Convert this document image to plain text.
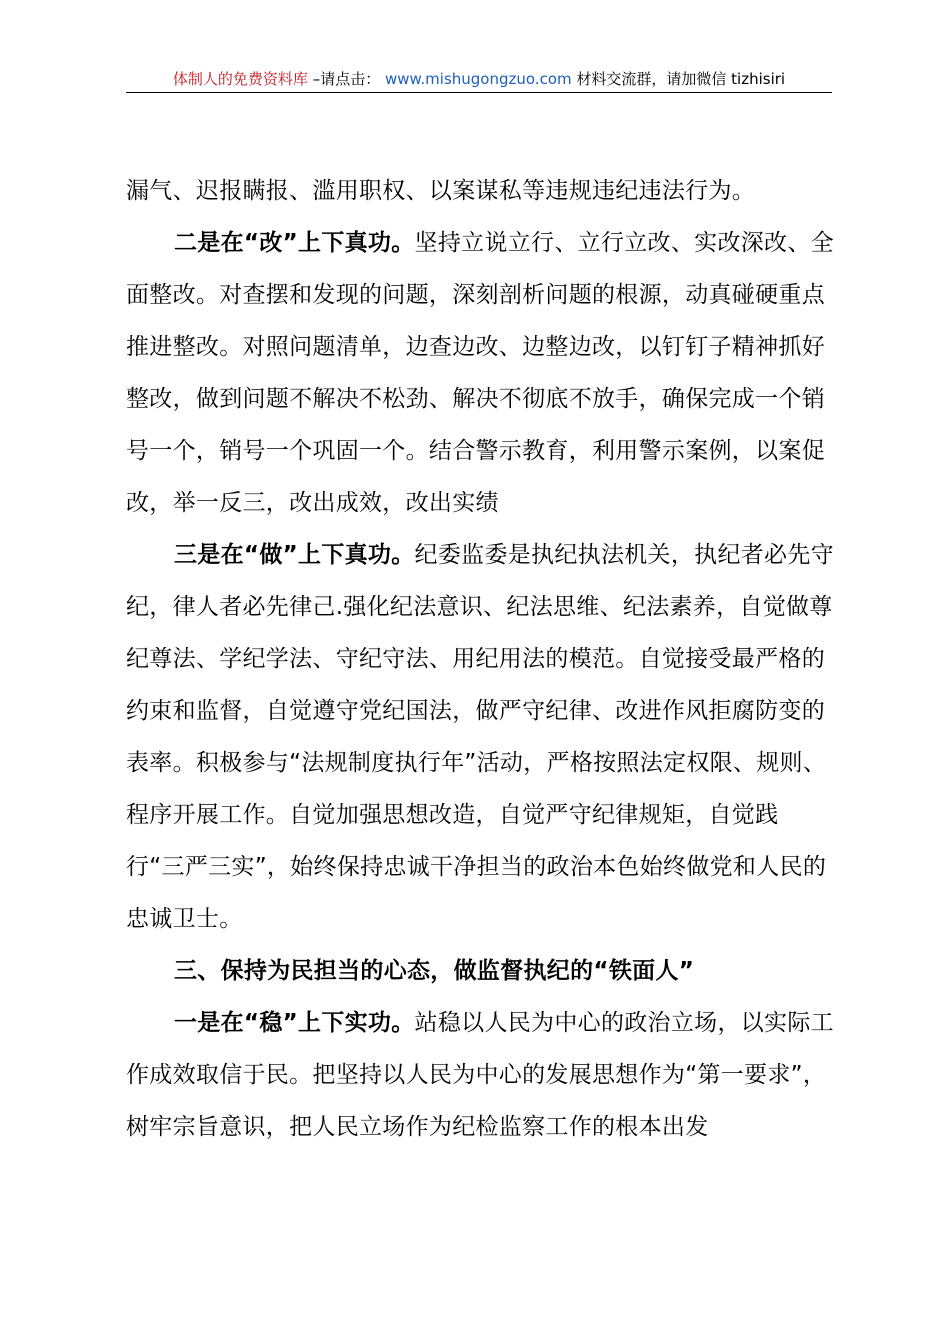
体制人的免费资料库 –请点击： www.mishugongzuo.com 材料交流群，请加微信 tizhisiri

漏气、迟报瞒报、滥用职权、以案谋私等违规违纪违法行为。

二是在“改”上下真功。坚持立说立行、立行立改、实改深改、全面整改。对查摆和发现的问题，深刻剖析问题的根源，动真碰硬重点推进整改。对照问题清单，边查边改、边整边改，以钉钉子精神抓好整改，做到问题不解决不松劲、解决不彻底不放手，确保完成一个销号一个，销号一个巩固一个。结合警示教育，利用警示案例，以案促改，举一反三，改出成效，改出实绩

三是在“做”上下真功。纪委监委是执纪执法机关，执纪者必先守纪，律人者必先律己.强化纪法意识、纪法思维、纪法素养，自觉做尊纪尊法、学纪学法、守纪守法、用纪用法的模范。自觉接受最严格的约束和监督，自觉遵守党纪国法，做严守纪律、改进作风拒腐防变的表率。积极参与“法规制度执行年”活动，严格按照法定权限、规则、程序开展工作。自觉加强思想改造，自觉严守纪律规矩，自觉践行“三严三实”，始终保持忠诚干净担当的政治本色始终做党和人民的忠诚卫士。

三、保持为民担当的心态，做监督执纪的“铁面人”

一是在“稳”上下实功。站稳以人民为中心的政治立场，以实际工作成效取信于民。把坚持以人民为中心的发展思想作为“第一要求”，树牢宗旨意识，把人民立场作为纪检监察工作的根本出发
